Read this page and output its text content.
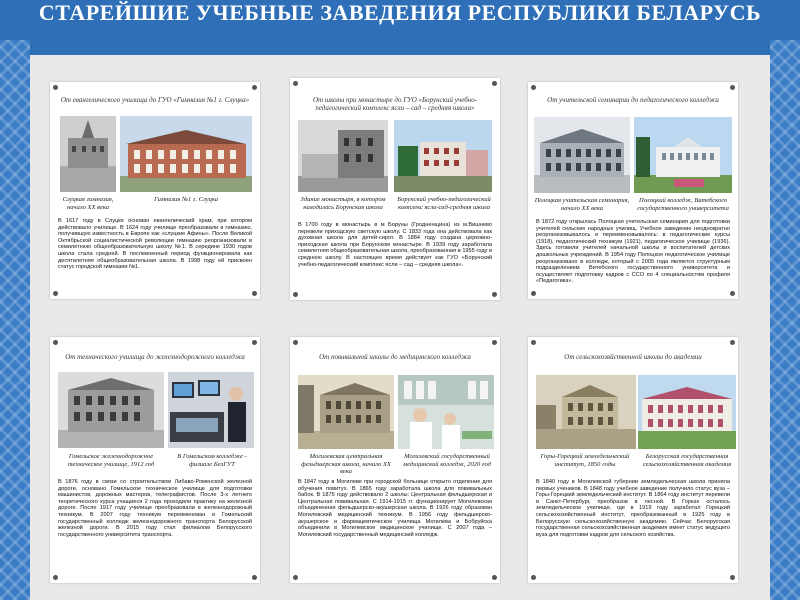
СТАРЕЙШИЕ УЧЕБНЫЕ ЗАВЕДЕНИЯ РЕСПУБЛИКИ БЕЛАРУСЬ
От евангелического училища до ГУО «Гимназия №1 г. Слуцка»
Слуцкая гимназия, начало ХХ века
Гимназия №1 г. Слуцка
В 1617 году в Слуцке основан евангелический храм, при котором действовало училище. В 1624 году училище преобразовали в гимназию, получившую известность в Европе как «слуцкие Афины». После Великой Октябрьской социалистической революции гимназию реорганизовали в семилетнюю общеобразовательную школу №1. В середине 1930 годов школа стала средней. В послевоенный период функционировала как десятилетняя общеобразовательная школа. В 1998 году ей присвоен статус городской гимназии №1.
От школы при монастыре до ГУО «Борунский учебно-педагогический комплекс ясли – сад – средняя школа»
Здание монастыря, в котором находилась Борунская школа
Борунский учебно-педагогический комплекс ясли-сад-средняя школа
В 1700 году в монастырь в м Боруны (Гродненщина) из м.Вишнево перевели приходскую светскую школу. С 1833 года она действовала как духовная школа для детей-сирот. В 1884 году создана церковно-приходская школа при Борунском монастыре. В 1939 году заработала семилетняя общеобразовательная школа, преобразованная в 1955 году в среднюю школу. В настоящее время действует как ГУО «Борунский учебно-педагогический комплекс ясли – сад – средняя школа».
От учительской семинарии до педагогического колледжа
Полоцкая учительская семинария, начало ХХ века
Полоцкий колледж, Витебского государственного университета
В 1872 году открылась Полоцкая учительская семинария для подготовки учителей сельских народных училищ. Учебное заведение неоднократно реорганизовывалось и переименовывалось: в педагогические курсы (1918), педагогический техникум (1921), педагогическое училище (1936). Здесь готовили учителей начальной школы и воспитателей детских дошкольных учреждений. В 1954 году Полоцкое педагогическое училище реорганизовано в колледж, который с 2005 года является структурным подразделением Витебского государственного университета и осуществляет подготовку кадров с ССО по 4 специальностям профиля «Педагогика».
От технического училища до железнодорожного колледжа
Гомельское железнодорожное техническое училище, 1912 год
В Гомельском колледже - филиале БелГУТ
В 1876 году в связи со строительством Либаво-Роменской железной дороги, основано Гомельское техническое училище для подготовки машинистов, дорожных мастеров, телеграфистов. После 3-х летнего теоретического курса учащиеся 2 года проходили практику на железной дороге. После 1917 году училище преобразовали в железнодорожный техникум. В 2007 году техникум переименован в Гомельский государственный колледж железнодорожного транспорта Белорусской железной дороги. В 2015 году стал филиалом Белорусского государственного университета транспорта.
От повивальной школы до медицинского колледжа
Могилевская центральная фельдшерская школа, начало ХХ века
Могилевский государственный медицинский колледж, 2020 год
В 1847 году в Могилеве при городской больнице открыто отделение для обучения повитух. В 1865 году заработала школа для повивальных бабок. В 1875 году действовало 2 школы: Центральная фельдшерская и Центральная повивальная. С 1914-1915 гг. функционирует Могилевская объединенная фельдшерско-акушерская школа. В 1926 году образован Могилевский медицинский техникум. В 1956 году фельдшерско-акушерское и фармацевтическое училища Могилева и Бобруйска объединили в Могилевское медицинское училище. С 2007 года – Могилевский государственный медицинский колледж.
От сельскохозяйственной школы до академии
Горы-Горецкий земледельческий институт, 1850 годы
Белорусская государственная сельскохозяйственная академия
В 1840 году в Могилевской губернии земледельческая школа приняла первых учеников. В 1848 году учебное заведение получило статус вуза – Горы-Горецкий земледельческий институт. В 1864 году институт перевели в Санкт-Петербург, преобразов в лесной. В Горках осталось земледельческое училище, где в 1919 году заработал Горецкий сельскохозяйственный институт, преобразованный в 1925 году в Белорусскую сельскохозяйственную академию. Сейчас Белорусская государственная сельскохозяйственная академия имеет статус ведущего вуза для подготовки кадров для сельского хозяйства.
